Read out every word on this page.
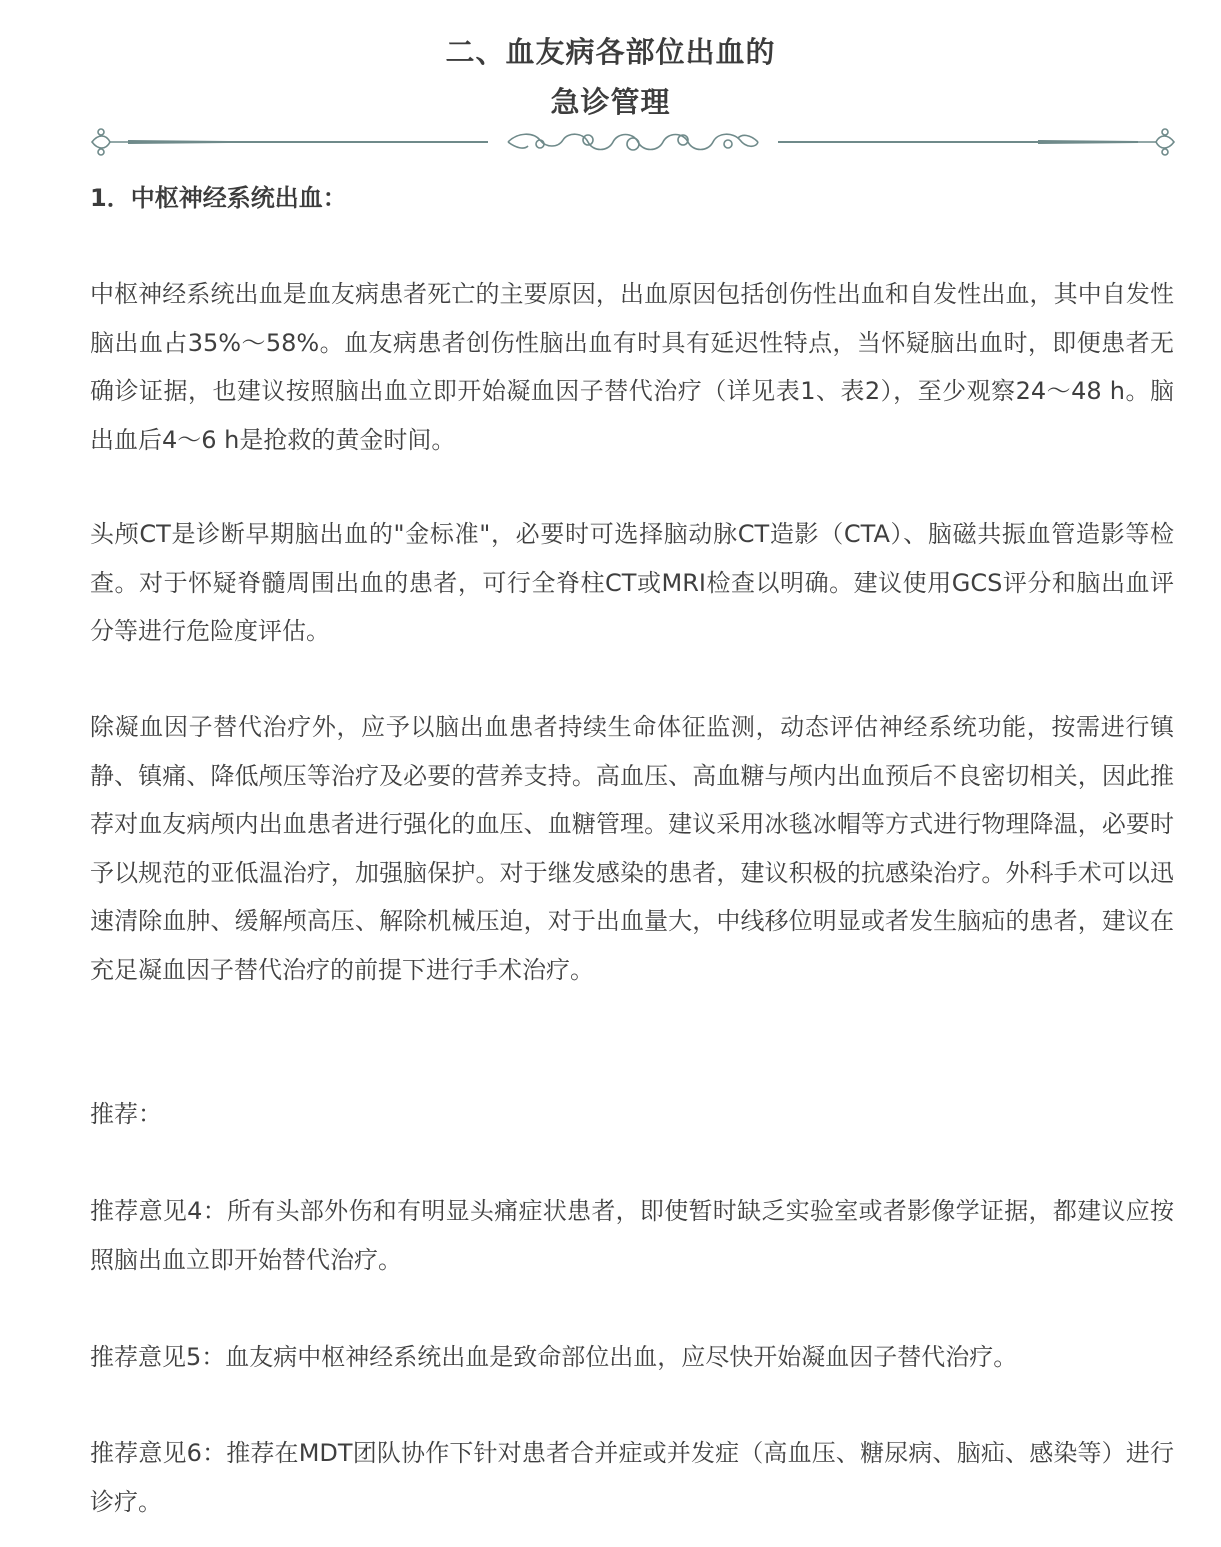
二、血友病各部位出血的
急诊管理
1．中枢神经系统出血：
中枢神经系统出血是血友病患者死亡的主要原因，出血原因包括创伤性出血和自发性出血，其中自发性脑出血占35%～58%。血友病患者创伤性脑出血有时具有延迟性特点，当怀疑脑出血时，即便患者无确诊证据，也建议按照脑出血立即开始凝血因子替代治疗（详见表1、表2），至少观察24～48 h。脑出血后4～6 h是抢救的黄金时间。
头颅CT是诊断早期脑出血的"金标准"，必要时可选择脑动脉CT造影（CTA）、脑磁共振血管造影等检查。对于怀疑脊髓周围出血的患者，可行全脊柱CT或MRI检查以明确。建议使用GCS评分和脑出血评分等进行危险度评估。
除凝血因子替代治疗外，应予以脑出血患者持续生命体征监测，动态评估神经系统功能，按需进行镇静、镇痛、降低颅压等治疗及必要的营养支持。高血压、高血糖与颅内出血预后不良密切相关，因此推荐对血友病颅内出血患者进行强化的血压、血糖管理。建议采用冰毯冰帽等方式进行物理降温，必要时予以规范的亚低温治疗，加强脑保护。对于继发感染的患者，建议积极的抗感染治疗。外科手术可以迅速清除血肿、缓解颅高压、解除机械压迫，对于出血量大，中线移位明显或者发生脑疝的患者，建议在充足凝血因子替代治疗的前提下进行手术治疗。
推荐：
推荐意见4：所有头部外伤和有明显头痛症状患者，即使暂时缺乏实验室或者影像学证据，都建议应按照脑出血立即开始替代治疗。
推荐意见5：血友病中枢神经系统出血是致命部位出血，应尽快开始凝血因子替代治疗。
推荐意见6：推荐在MDT团队协作下针对患者合并症或并发症（高血压、糖尿病、脑疝、感染等）进行诊疗。
